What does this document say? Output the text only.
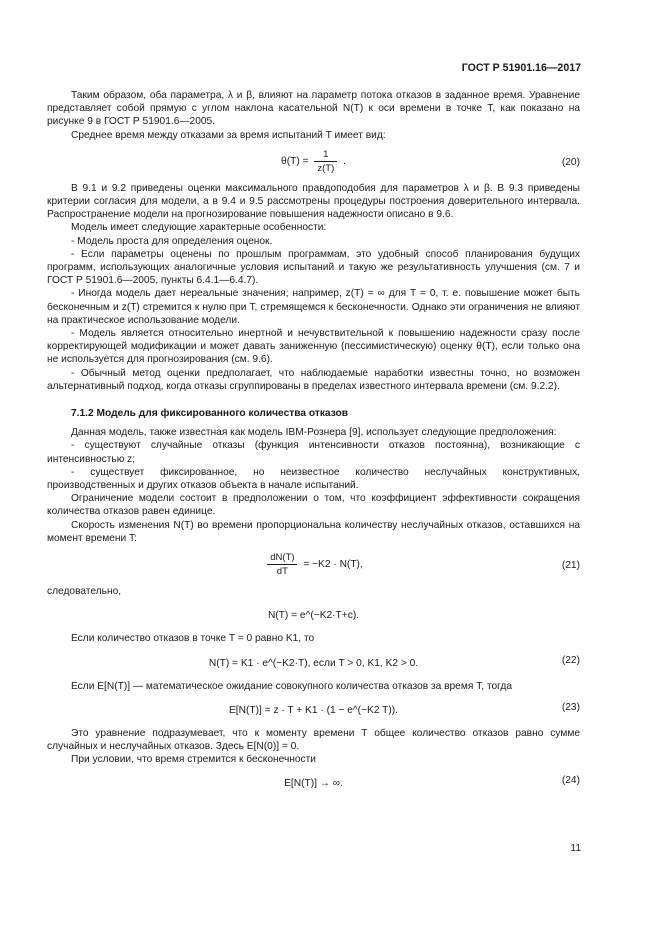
ГОСТ Р 51901.16—2017

Таким образом, оба параметра, λ и β, влияют на параметр потока отказов в заданное время. Уравнение представляет собой прямую с углом наклона касательной N(T) к оси времени в точке T, как показано на рисунке 9 в ГОСТ Р 51901.6—2005.

Среднее время между отказами за время испытаний T имеет вид:

$\theta(T) = \frac{1}{z(T)}$ .	(20)

В 9.1 и 9.2 приведены оценки максимального правдоподобия для параметров λ и β. В 9.3 приведены критерии согласия для модели, а в 9.4 и 9.5 рассмотрены процедуры построения доверительного интервала. Распространение модели на прогнозирование повышения надежности описано в 9.6.

Модель имеет следующие характерные особенности:

- Модель проста для определения оценок.

- Если параметры оценены по прошлым программам, это удобный способ планирования будущих программ, использующих аналогичные условия испытаний и такую же результативность улучшения (см. 7 и ГОСТ Р 51901.6—2005, пункты 6.4.1—6.4.7).

- Иногда модель дает нереальные значения; например, z(T) = ∞ для T = 0, т. е. повышение может быть бесконечным и z(T) стремится к нулю при T, стремящемся к бесконечности. Однако эти ограничения не влияют на практическое использование модели.

- Модель является относительно инертной и нечувствительной к повышению надежности сразу после корректирующей модификации и может давать заниженную (пессимистическую) оценку θ(T), если только она не используется для прогнозирования (см. 9.6).

- Обычный метод оценки предполагает, что наблюдаемые наработки известны точно, но возможен альтернативный подход, когда отказы сгруппированы в пределах известного интервала времени (см. 9.2.2).

7.1.2 Модель для фиксированного количества отказов

Данная модель, также известная как модель IBM-Рознера [9], использует следующие предположения:

- существуют случайные отказы (функция интенсивности отказов постоянна), возникающие с интенсивностью z;

- существует фиксированное, но неизвестное количество неслучайных конструктивных, производственных и других отказов объекта в начале испытаний.

Ограничение модели состоит в предположении о том, что коэффициент эффективности сокращения количества отказов равен единице.

Скорость изменения N(T) во времени пропорциональна количеству неслучайных отказов, оставшихся на момент времени T:

$\frac{dN(T)}{dT} = -K2 \cdot N(T)$,	(21)

следовательно,

N(T) = e^(−K2·T+c).

Если количество отказов в точке T = 0 равно K1, то

N(T) = K1 · e^(−K2·T), если T > 0, K1, K2 > 0.	(22)

Если E[N(T)] — математическое ожидание совокупного количества отказов за время T, тогда

E[N(T)] = z · T + K1 · (1 − e^(−K2 T)).	(23)

Это уравнение подразумевает, что к моменту времени T общее количество отказов равно сумме случайных и неслучайных отказов. Здесь E[N(0)] = 0.

При условии, что время стремится к бесконечности

E[N(T)] → ∞.	(24)
11
